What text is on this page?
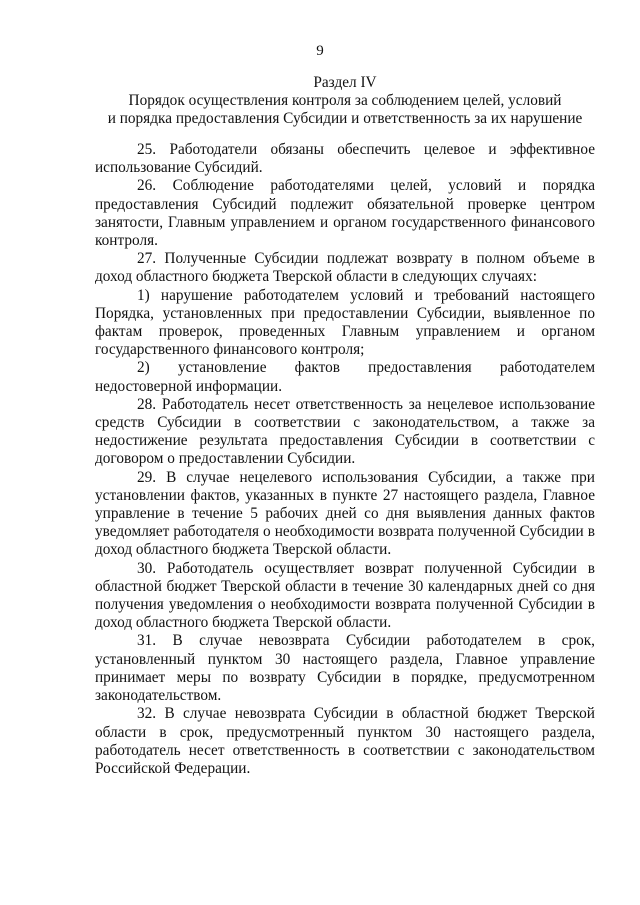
9
Раздел IV
Порядок осуществления контроля за соблюдением целей, условий
и порядка предоставления Субсидии и ответственность за их нарушение

25. Работодатели обязаны обеспечить целевое и эффективное использование Субсидий.

26. Соблюдение работодателями целей, условий и порядка предоставления Субсидий подлежит обязательной проверке центром занятости, Главным управлением и органом государственного финансового контроля.

27. Полученные Субсидии подлежат возврату в полном объеме в доход областного бюджета Тверской области в следующих случаях:

1) нарушение работодателем условий и требований настоящего Порядка, установленных при предоставлении Субсидии, выявленное по фактам проверок, проведенных Главным управлением и органом государственного финансового контроля;

2) установление фактов предоставления работодателем недостоверной информации.

28. Работодатель несет ответственность за нецелевое использование средств Субсидии в соответствии с законодательством, а также за недостижение результата предоставления Субсидии в соответствии с договором о предоставлении Субсидии.

29. В случае нецелевого использования Субсидии, а также при установлении фактов, указанных в пункте 27 настоящего раздела, Главное управление в течение 5 рабочих дней со дня выявления данных фактов уведомляет работодателя о необходимости возврата полученной Субсидии в доход областного бюджета Тверской области.

30. Работодатель осуществляет возврат полученной Субсидии в областной бюджет Тверской области в течение 30 календарных дней со дня получения уведомления о необходимости возврата полученной Субсидии в доход областного бюджета Тверской области.

31. В случае невозврата Субсидии работодателем в срок, установленный пунктом 30 настоящего раздела, Главное управление принимает меры по возврату Субсидии в порядке, предусмотренном законодательством.

32. В случае невозврата Субсидии в областной бюджет Тверской области в срок, предусмотренный пунктом 30 настоящего раздела, работодатель несет ответственность в соответствии с законодательством Российской Федерации.
